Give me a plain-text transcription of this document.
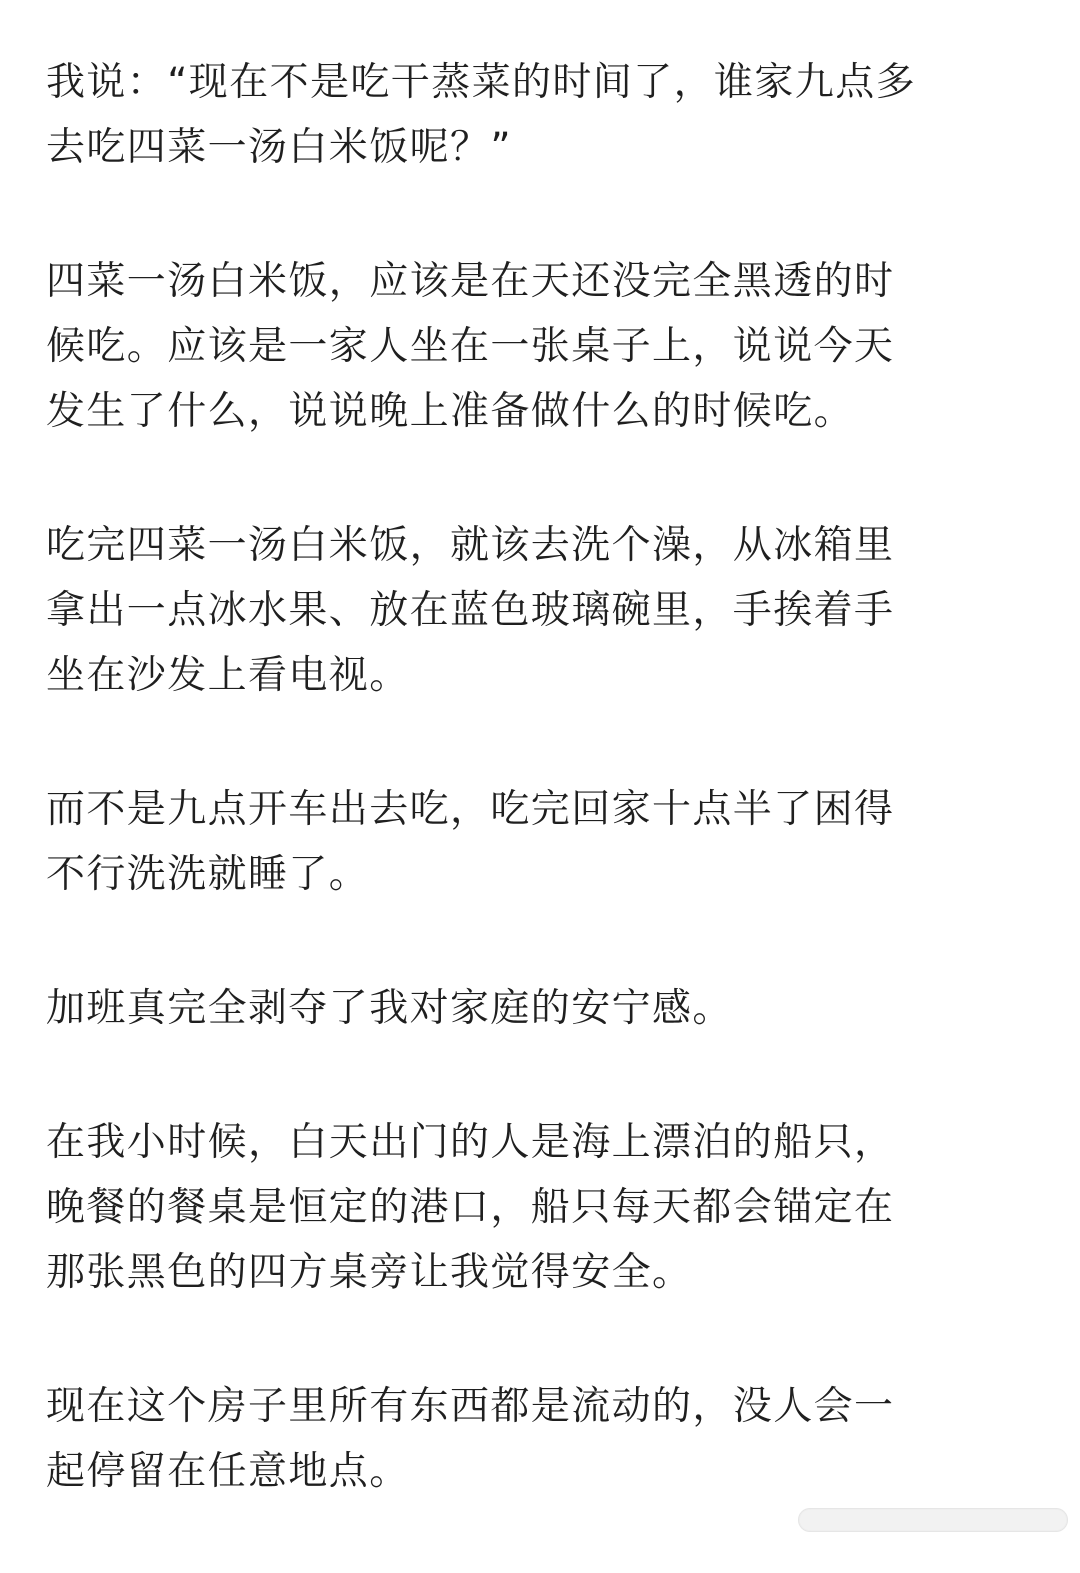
我说：“现在不是吃干蒸菜的时间了，谁家九点多
去吃四菜一汤白米饭呢？”

四菜一汤白米饭，应该是在天还没完全黑透的时
候吃。应该是一家人坐在一张桌子上，说说今天
发生了什么，说说晚上准备做什么的时候吃。

吃完四菜一汤白米饭，就该去洗个澡，从冰箱里
拿出一点冰水果、放在蓝色玻璃碗里，手挨着手
坐在沙发上看电视。

而不是九点开车出去吃，吃完回家十点半了困得
不行洗洗就睡了。

加班真完全剥夺了我对家庭的安宁感。

在我小时候，白天出门的人是海上漂泊的船只，
晚餐的餐桌是恒定的港口，船只每天都会锚定在
那张黑色的四方桌旁让我觉得安全。

现在这个房子里所有东西都是流动的，没人会一
起停留在任意地点。
